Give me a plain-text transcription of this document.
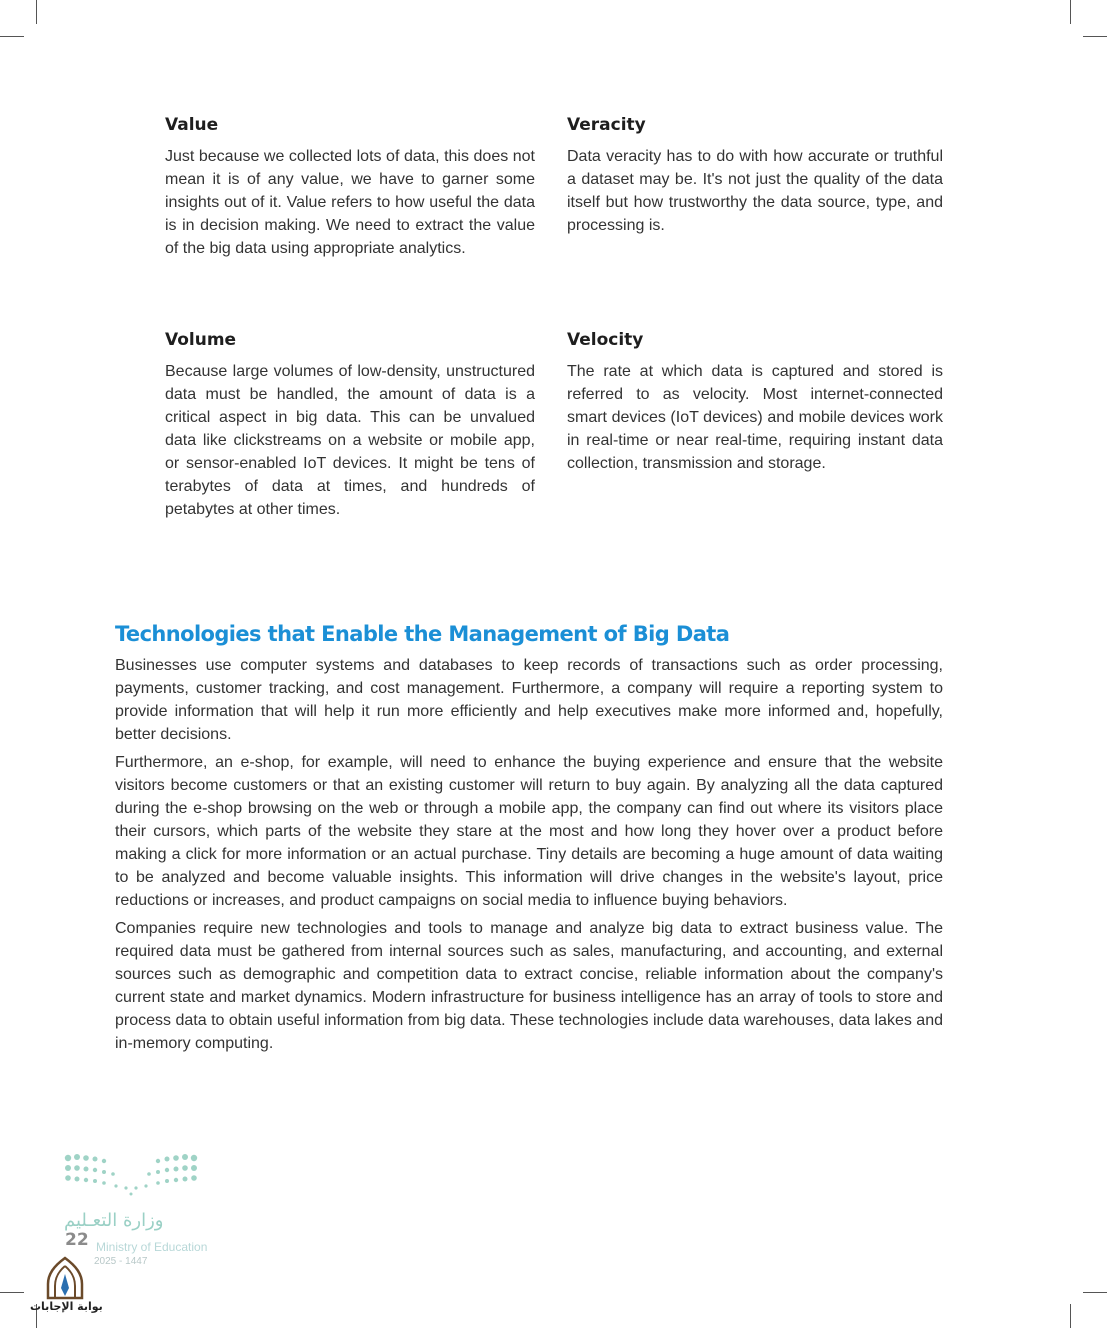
Value

Just because we collected lots of data, this does not mean it is of any value, we have to garner some insights out of it. Value refers to how useful the data is in decision making. We need to extract the value of the big data using appropriate analytics.

Veracity

Data veracity has to do with how accurate or truthful a dataset may be. It's not just the quality of the data itself but how trustworthy the data source, type, and processing is.

Volume

Because large volumes of low-density, unstructured data must be handled, the amount of data is a critical aspect in big data. This can be unvalued data like clickstreams on a website or mobile app, or sensor-enabled IoT devices. It might be tens of terabytes of data at times, and hundreds of petabytes at other times.

Velocity

The rate at which data is captured and stored is referred to as velocity. Most internet-connected smart devices (IoT devices) and mobile devices work in real-time or near real-time, requiring instant data collection, transmission and storage.

Technologies that Enable the Management of Big Data

Businesses use computer systems and databases to keep records of transactions such as order processing, payments, customer tracking, and cost management. Furthermore, a company will require a reporting system to provide information that will help it run more efficiently and help executives make more informed and, hopefully, better decisions.

Furthermore, an e-shop, for example, will need to enhance the buying experience and ensure that the website visitors become customers or that an existing customer will return to buy again. By analyzing all the data captured during the e-shop browsing on the web or through a mobile app, the company can find out where its visitors place their cursors, which parts of the website they stare at the most and how long they hover over a product before making a click for more information or an actual purchase. Tiny details are becoming a huge amount of data waiting to be analyzed and become valuable insights. This information will drive changes in the website's layout, price reductions or increases, and product campaigns on social media to influence buying behaviors.

Companies require new technologies and tools to manage and analyze big data to extract business value. The required data must be gathered from internal sources such as sales, manufacturing, and accounting, and external sources such as demographic and competition data to extract concise, reliable information about the company's current state and market dynamics. Modern infrastructure for business intelligence has an array of tools to store and process data to obtain useful information from big data. These technologies include data warehouses, data lakes and in-memory computing.

وزارة التعـليم
Ministry of Education
2025 - 1447
22
بوابة الإجابات
